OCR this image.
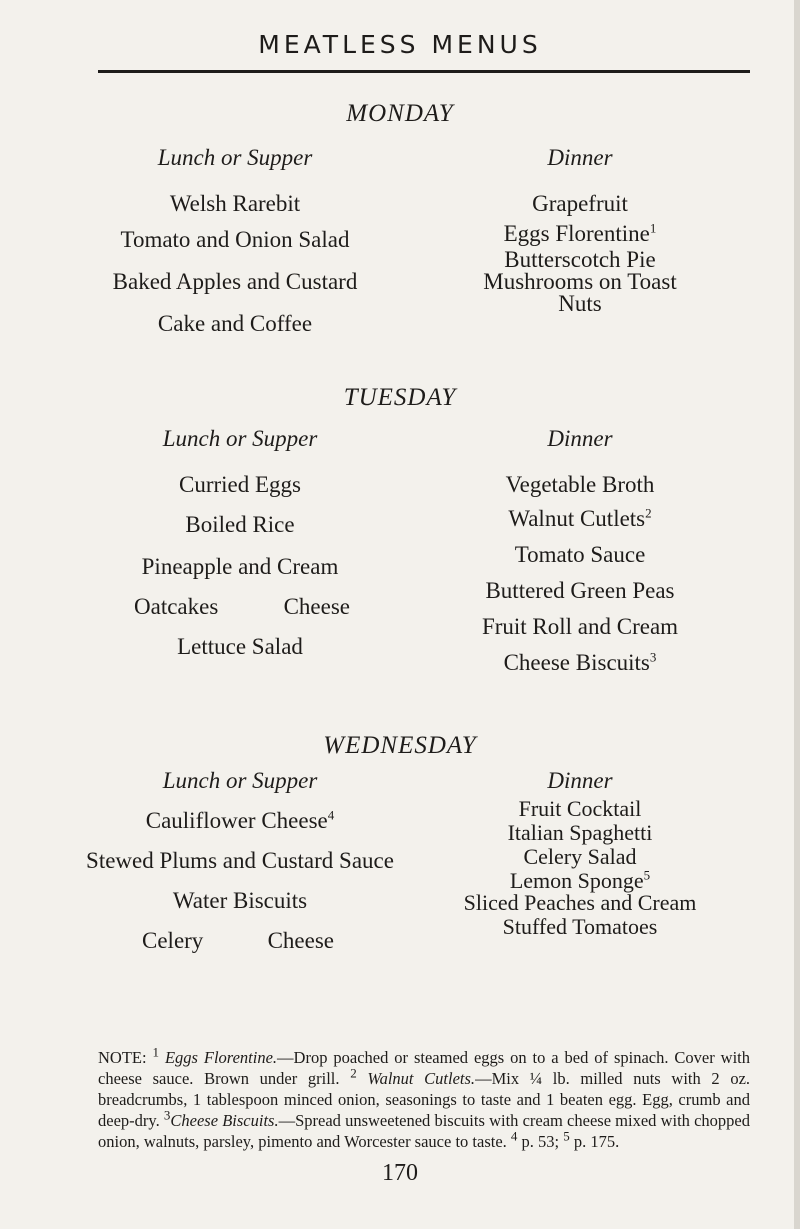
MEATLESS MENUS
MONDAY

Lunch or Supper

Welsh Rarebit

Tomato and Onion Salad

Baked Apples and Custard

Cake and Coffee

Dinner

Grapefruit

Eggs Florentine$^1$

Butterscotch Pie

Mushrooms on Toast

Nuts

TUESDAY

Lunch or Supper

Curried Eggs

Boiled Rice

Pineapple and Cream

Oatcakes	Cheese

Lettuce Salad

Dinner

Vegetable Broth

Walnut Cutlets$^2$

Tomato Sauce

Buttered Green Peas

Fruit Roll and Cream

Cheese Biscuits$^3$

WEDNESDAY

Lunch or Supper

Cauliflower Cheese$^4$

Stewed Plums and Custard Sauce

Water Biscuits

Celery	Cheese

Dinner

Fruit Cocktail

Italian Spaghetti

Celery Salad

Lemon Sponge$^5$

Sliced Peaches and Cream

Stuffed Tomatoes

NOTE: $^1$ Eggs Florentine.—Drop poached or steamed eggs on to a bed of spinach. Cover with cheese sauce. Brown under grill. $^2$ Walnut Cutlets.—Mix ¼ lb. milled nuts with 2 oz. breadcrumbs, 1 tablespoon minced onion, seasonings to taste and 1 beaten egg. Egg, crumb and deep-dry. $^3$Cheese Biscuits.—Spread unsweetened biscuits with cream cheese mixed with chopped onion, walnuts, parsley, pimento and Worcester sauce to taste. $^4$ p. 53; $^5$ p. 175.
170
